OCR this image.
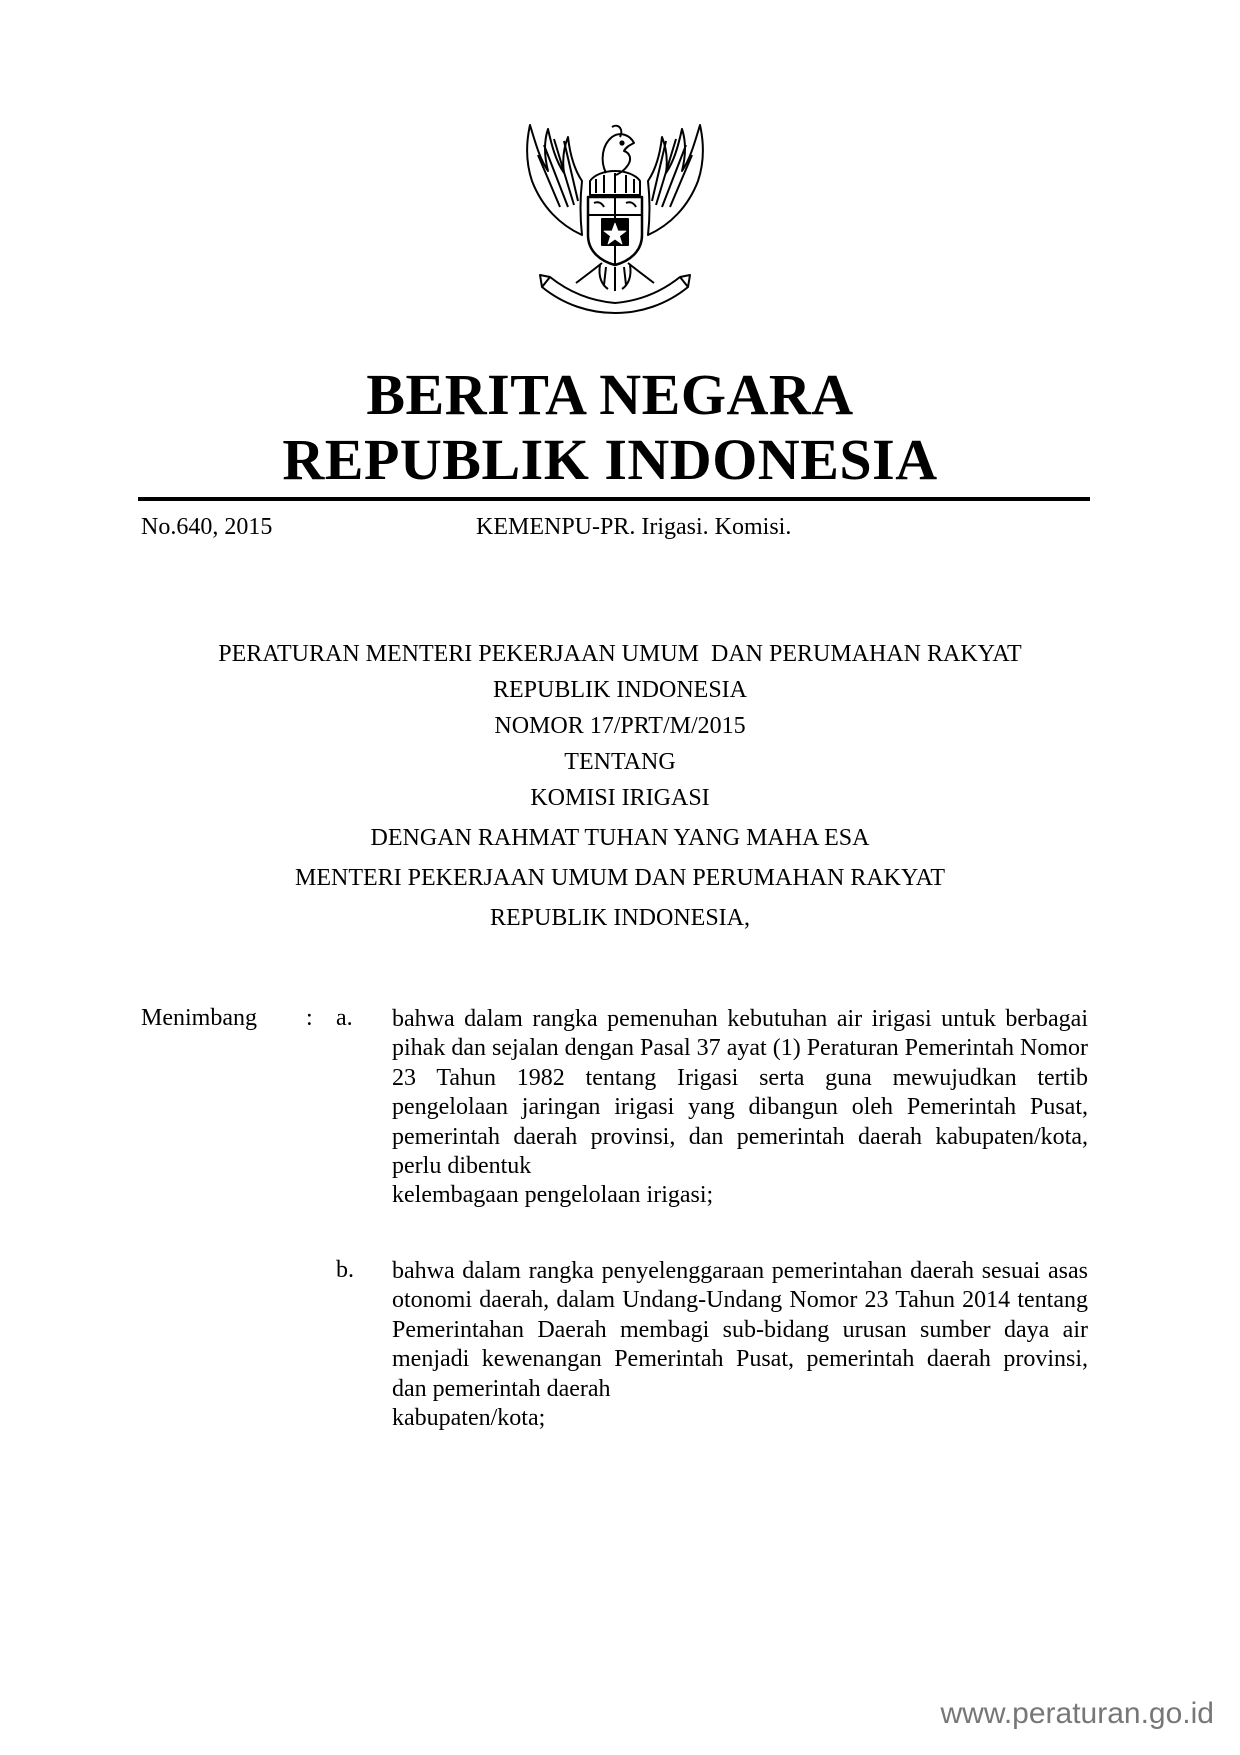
BERITA NEGARA
REPUBLIK INDONESIA
No.640, 2015	KEMENPU-PR. Irigasi. Komisi.
PERATURAN MENTERI PEKERJAAN UMUM  DAN PERUMAHAN RAKYAT
REPUBLIK INDONESIA
NOMOR 17/PRT/M/2015
TENTANG
KOMISI IRIGASI
DENGAN RAHMAT TUHAN YANG MAHA ESA
MENTERI PEKERJAAN UMUM DAN PERUMAHAN RAKYAT
REPUBLIK INDONESIA,
Menimbang : a. bahwa dalam rangka pemenuhan kebutuhan air irigasi untuk berbagai pihak dan sejalan dengan Pasal 37 ayat (1) Peraturan Pemerintah Nomor 23 Tahun 1982 tentang Irigasi serta guna mewujudkan tertib pengelolaan jaringan irigasi yang dibangun oleh Pemerintah Pusat, pemerintah daerah provinsi, dan pemerintah daerah kabupaten/kota, perlu dibentuk
kelembagaan pengelolaan irigasi;
b. bahwa dalam rangka penyelenggaraan pemerintahan daerah sesuai asas otonomi daerah, dalam Undang-Undang Nomor 23 Tahun 2014 tentang Pemerintahan Daerah membagi sub-bidang urusan sumber daya air menjadi kewenangan Pemerintah Pusat, pemerintah daerah provinsi, dan pemerintah daerah
kabupaten/kota;
www.peraturan.go.id
